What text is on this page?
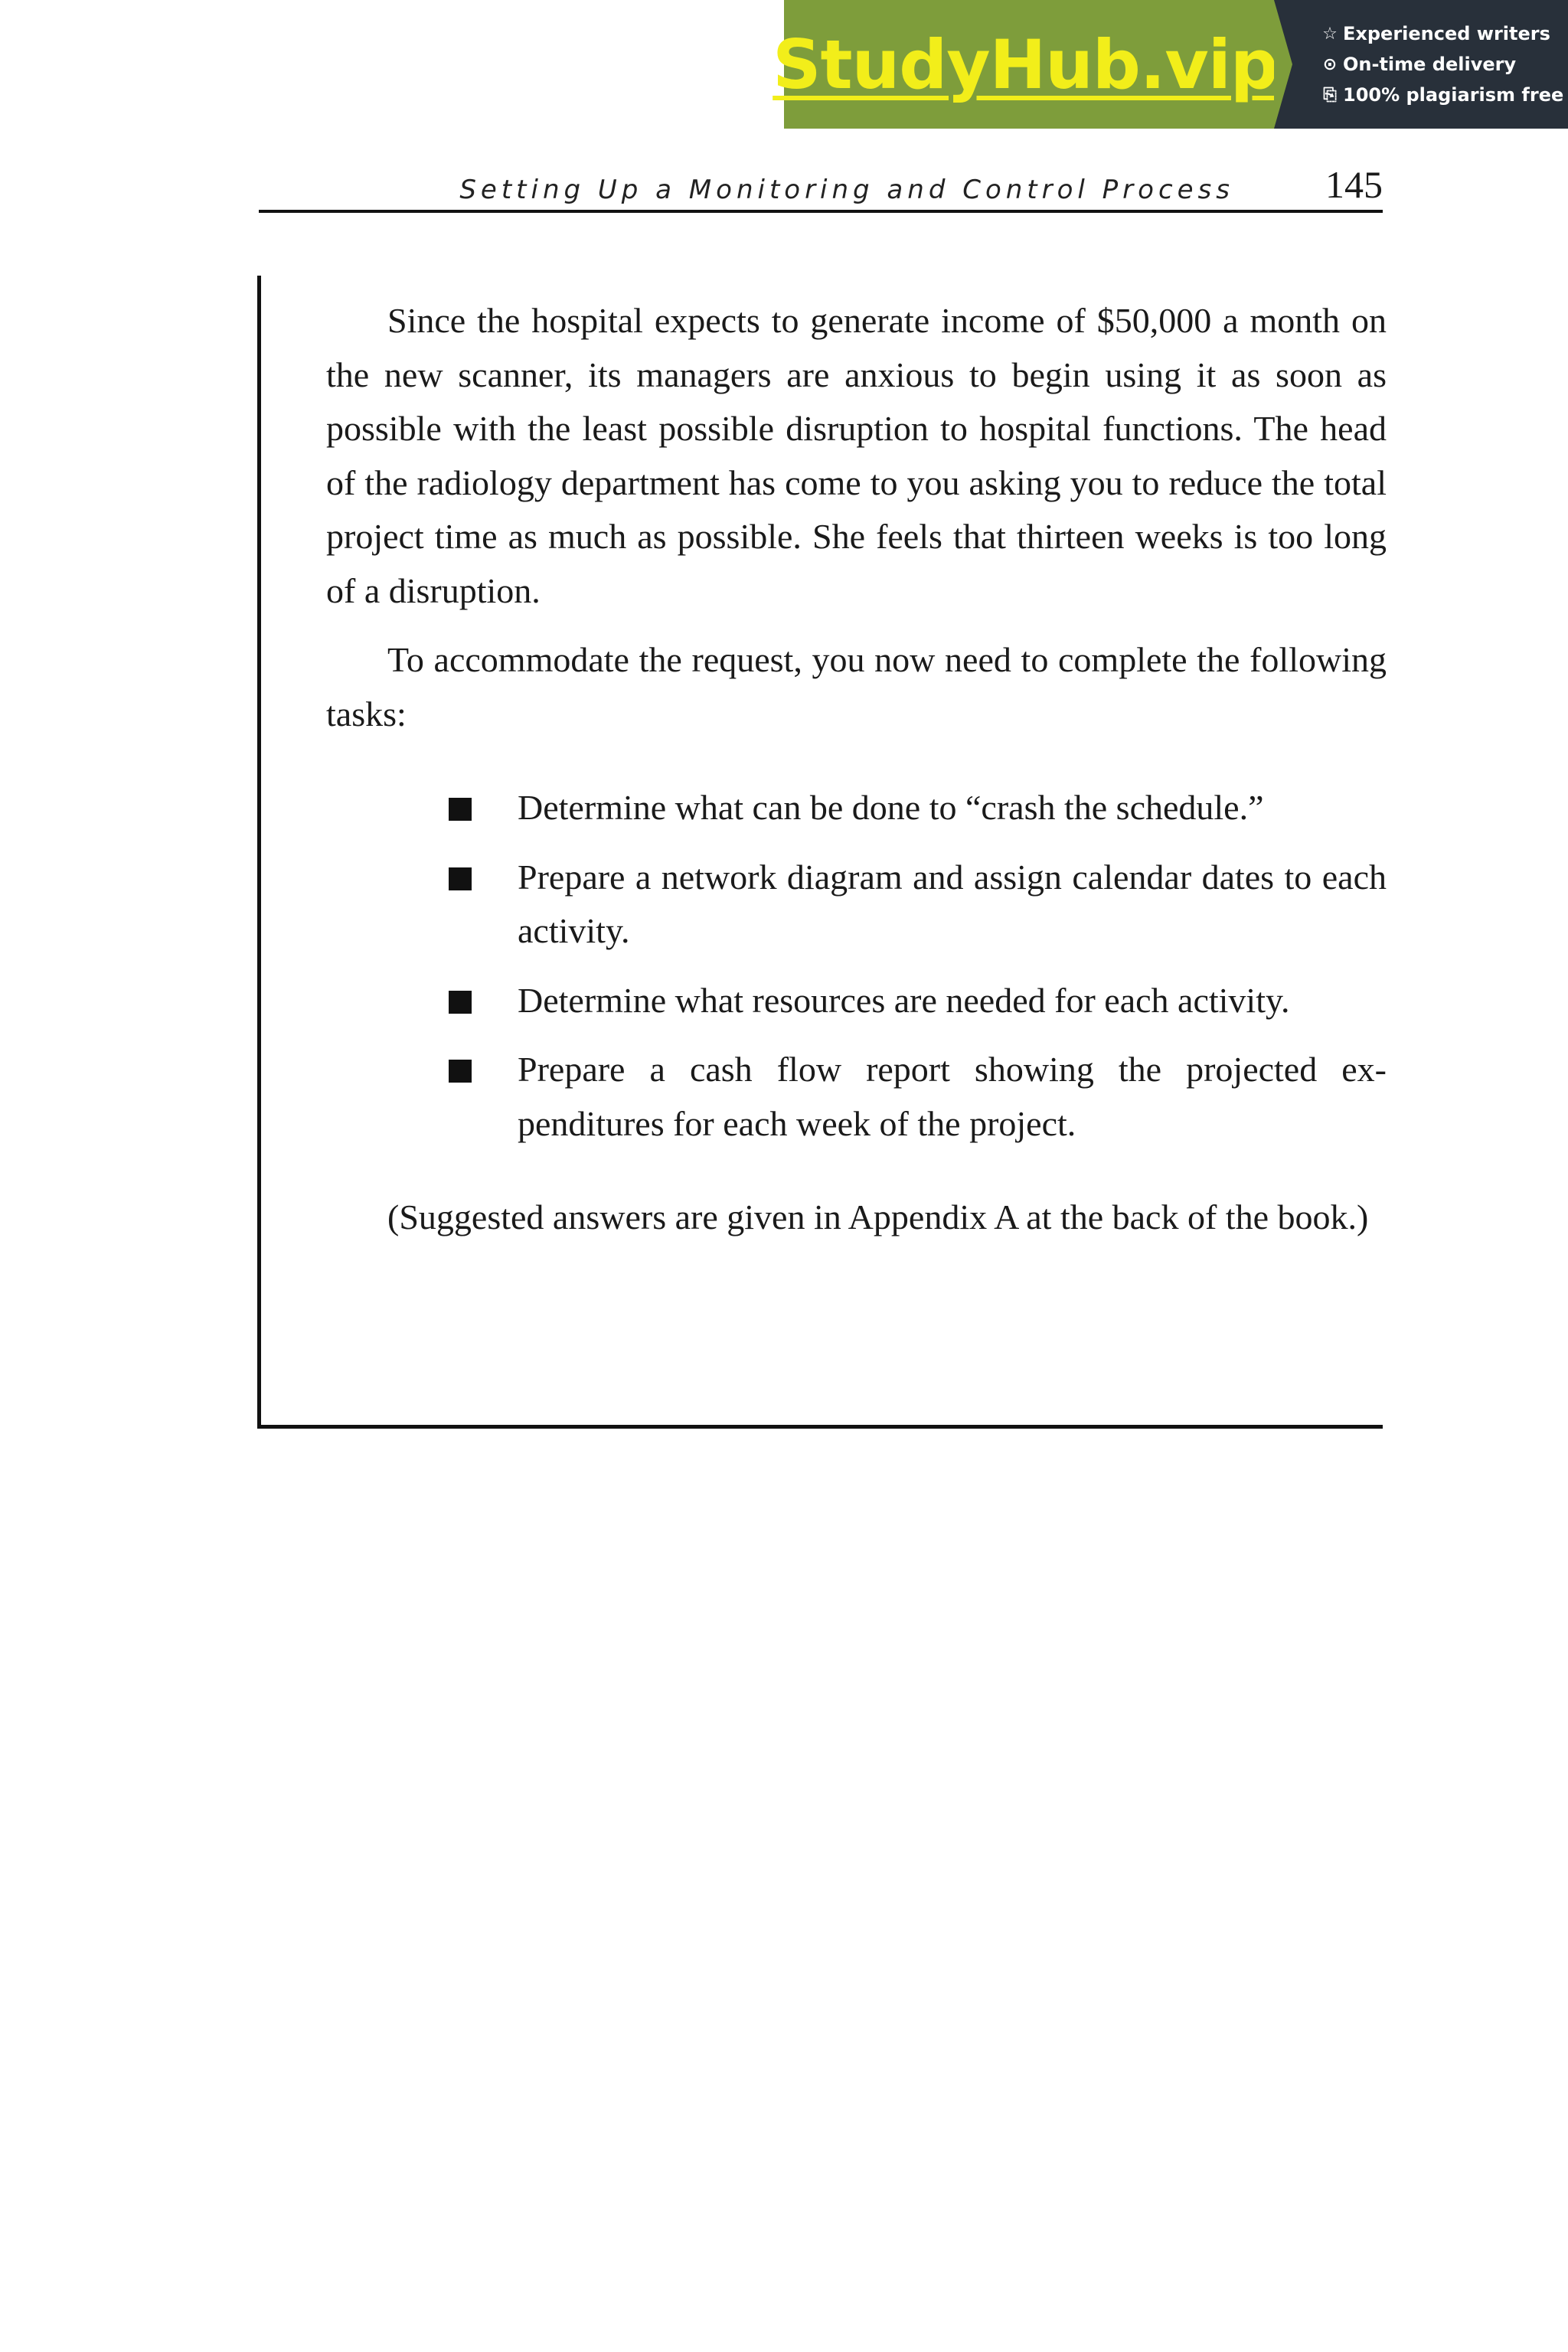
StudyHub.vip	☆ Experienced writers
⊙ On-time delivery
⎘ 100% plagiarism free
Setting Up a Monitoring and Control Process 145

Since the hospital expects to generate income of $50,000 a month on the new scanner, its managers are anxious to begin using it as soon as possible with the least possible disruption to hospital functions. The head of the radiology department has come to you asking you to reduce the total project time as much as possible. She feels that thirteen weeks is too long of a disruption.

To accommodate the request, you now need to complete the following tasks:

Determine what can be done to “crash the schedule.”
Prepare a network diagram and assign calendar dates to each activity.
Determine what resources are needed for each activity.
Prepare a cash flow report showing the projected expenditures for each week of the project.

(Suggested answers are given in Appendix A at the back of the book.)
